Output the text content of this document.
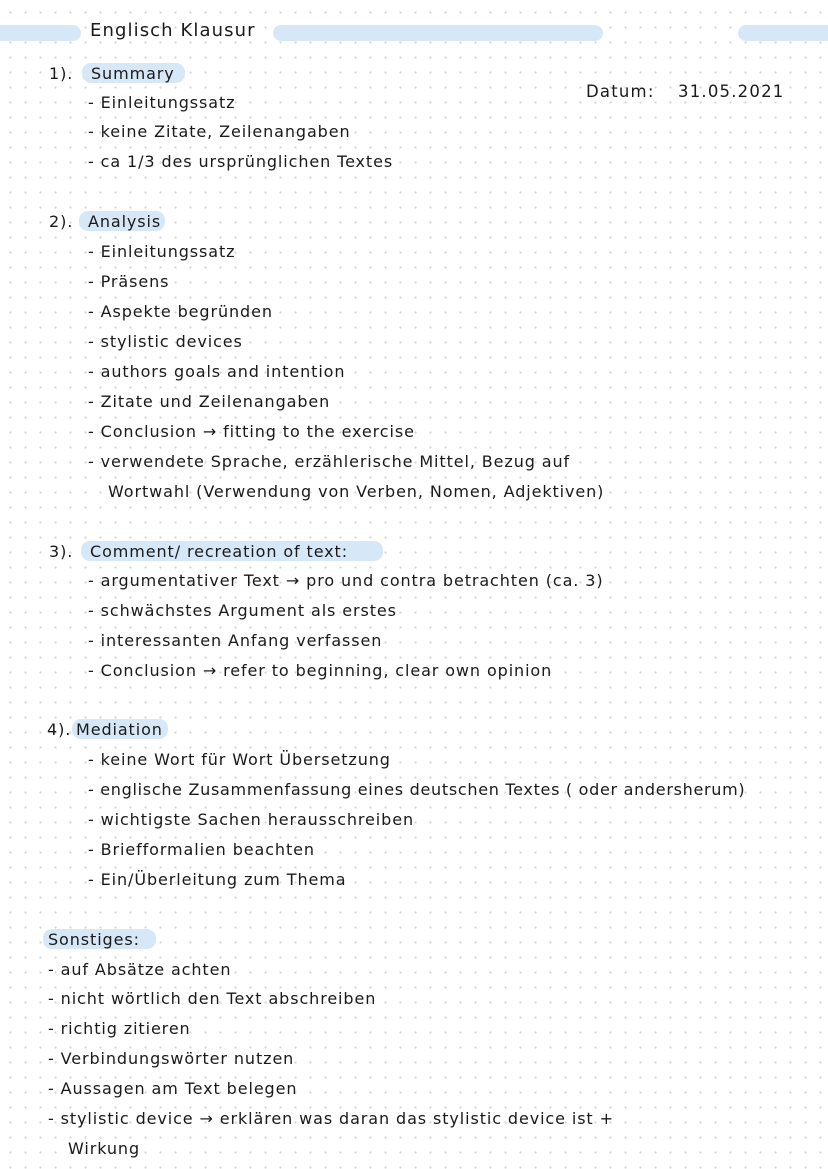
Englisch Klausur
Datum: 31.05.2021
1). Summary
- Einleitungssatz
- keine Zitate, Zeilenangaben
- ca 1/3 des ursprünglichen Textes
2). Analysis
- Einleitungssatz
- Präsens
- Aspekte begründen
- stylistic devices
- authors goals and intention
- Zitate und Zeilenangaben
- Conclusion → fitting to the exercise
- verwendete Sprache, erzählerische Mittel, Bezug auf
Wortwahl (Verwendung von Verben, Nomen, Adjektiven)
3). Comment/ recreation of text:
- argumentativer Text → pro und contra betrachten (ca. 3)
- schwächstes Argument als erstes
- interessanten Anfang verfassen
- Conclusion → refer to beginning, clear own opinion
4). Mediation
- keine Wort für Wort Übersetzung
- englische Zusammenfassung eines deutschen Textes ( oder andersherum)
- wichtigste Sachen herausschreiben
- Briefformalien beachten
- Ein/Überleitung zum Thema
Sonstiges:
- auf Absätze achten
- nicht wörtlich den Text abschreiben
- richtig zitieren
- Verbindungswörter nutzen
- Aussagen am Text belegen
- stylistic device → erklären was daran das stylistic device ist +
Wirkung
